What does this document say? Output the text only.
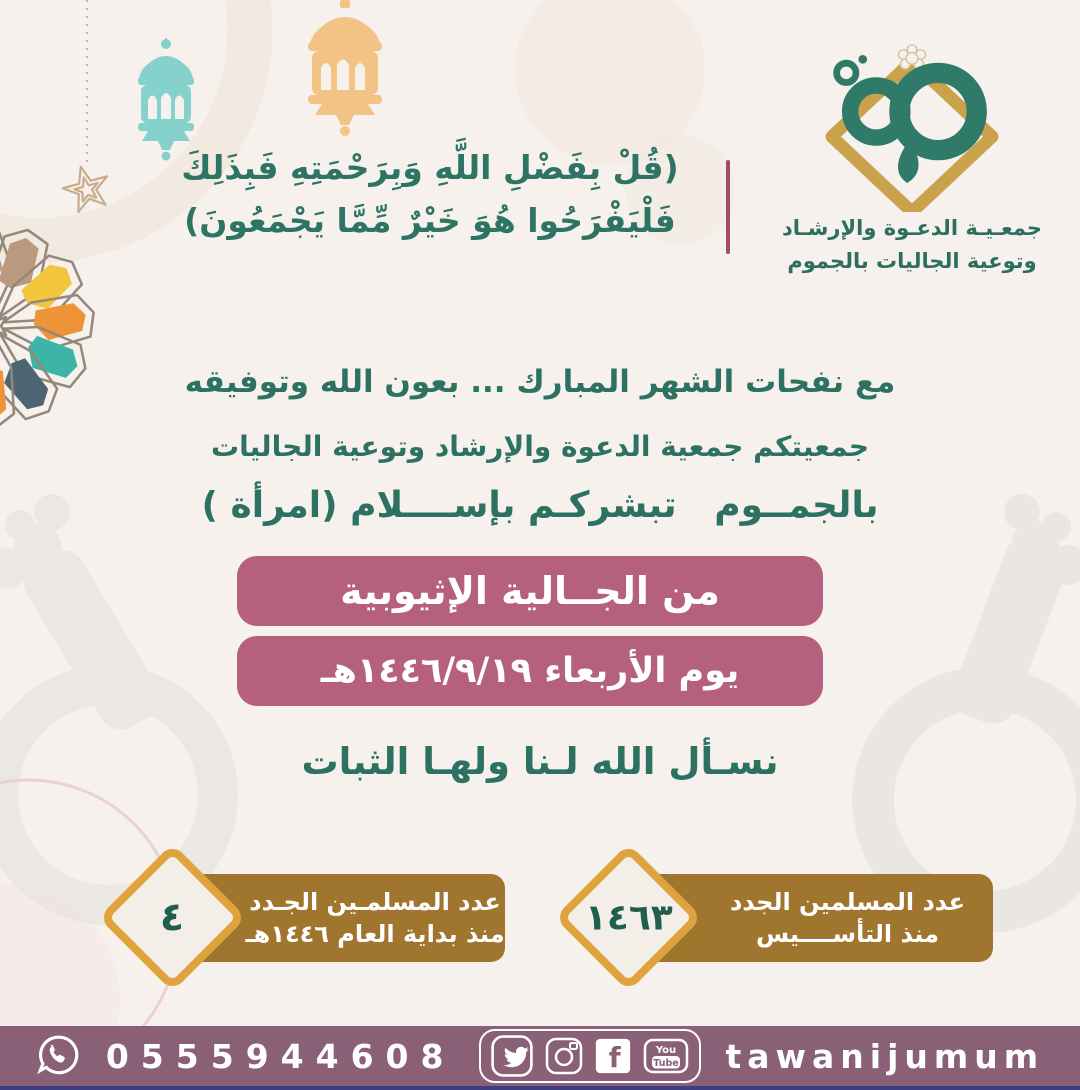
جمعـيـة الدعـوة والإرشـاد
وتوعية الجاليات بالجموم
(قُلْ بِفَضْلِ اللَّهِ وَبِرَحْمَتِهِ فَبِذَلِكَ
فَلْيَفْرَحُوا هُوَ خَيْرٌ مِّمَّا يَجْمَعُونَ)
مع نفحات الشهر المبارك ... بعون الله وتوفيقه
جمعيتكم جمعية الدعوة والإرشاد وتوعية الجاليات
بالجمــوم   تبشركـم بإســــلام (امرأة )
من الجــالية الإثيوبية
يوم الأربعاء ١٤٤٦/٩/١٩هـ
نسـأل الله لـنا ولهـا الثبات
عدد المسلمين الجدد
منذ التأســــيس
١٤٦٣
عدد المسلمـين الجـدد
منذ بداية العام ١٤٤٦هـ
٤
0555944608	f	You
Tube tawanijumum
